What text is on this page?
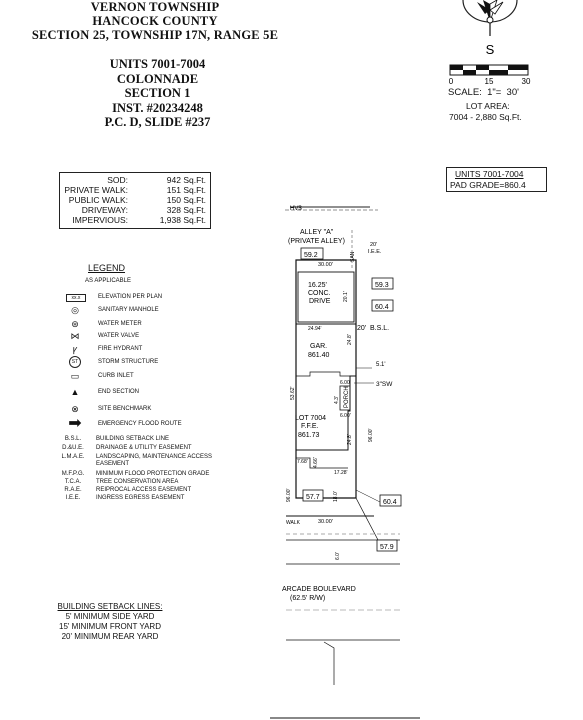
VERNON TOWNSHIP
HANCOCK COUNTY
SECTION 25, TOWNSHIP 17N, RANGE 5E
UNITS 7001-7004
COLONNADE
SECTION 1
INST. #20234248
P.C. D, SLIDE #237
S
0	15	30
SCALE:  1"=  30'
LOT AREA:
7004 - 2,880 Sq.Ft.
SOD:	942 Sq.Ft.
PRIVATE WALK:	151 Sq.Ft.
PUBLIC WALK:	150 Sq.Ft.
DRIVEWAY:	328 Sq.Ft.
IMPERVIOUS:	1,938 Sq.Ft.
UNITS 7001-7004
PAD GRADE=860.4
LEGEND
AS APPLICABLE
xx.x	ELEVATION PER PLAN
◎	SANITARY MANHOLE
⊛	WATER METER
⋈	WATER VALVE
ꝩ	FIRE HYDRANT
ST	STORM STRUCTURE
▭	CURB INLET
▲	END SECTION
⊗	SITE BENCHMARK
➡	EMERGENCY FLOOD ROUTE
B.S.L.	BUILDING SETBACK LINE
D.&U.E.	DRAINAGE & UTILITY EASEMENT
L.M.A.E.	LANDSCAPING, MAINTENANCE ACCESS EASEMENT
M.F.P.G.	MINIMUM FLOOD PROTECTION GRADE
T.C.A.	TREE CONSERVATION AREA
R.A.E.	REIPROCAL ACCESS EASEMENT
I.E.E.	INGRESS EGRESS EASEMENT
BUILDING SETBACK LINES:
5' MINIMUM SIDE YARD
15' MINIMUM FRONT YARD
20' MINIMUM REAR YARD
HV$
ALLEY "A"
(PRIVATE ALLEY)	20'
I.E.E.
30.00'
59.2
59.3
SAN
16.25'
CONC.
DRIVE	20.1'
60.4
20' B.S.L.
24.94'
24.8'
GAR.
861.40
5.1'
6.00'
PORCH
4.3'
6.00'
3"SW
53.62'
LOT 7004
F.F.E.
861.73	24.8'	96.00'
7.68' 4.66'
17.28'
96.00' 57.7	18.0'
60.4
30.00'
WALK
57.9
6.0'
ARCADE BOULEVARD
(62.5' R/W)
